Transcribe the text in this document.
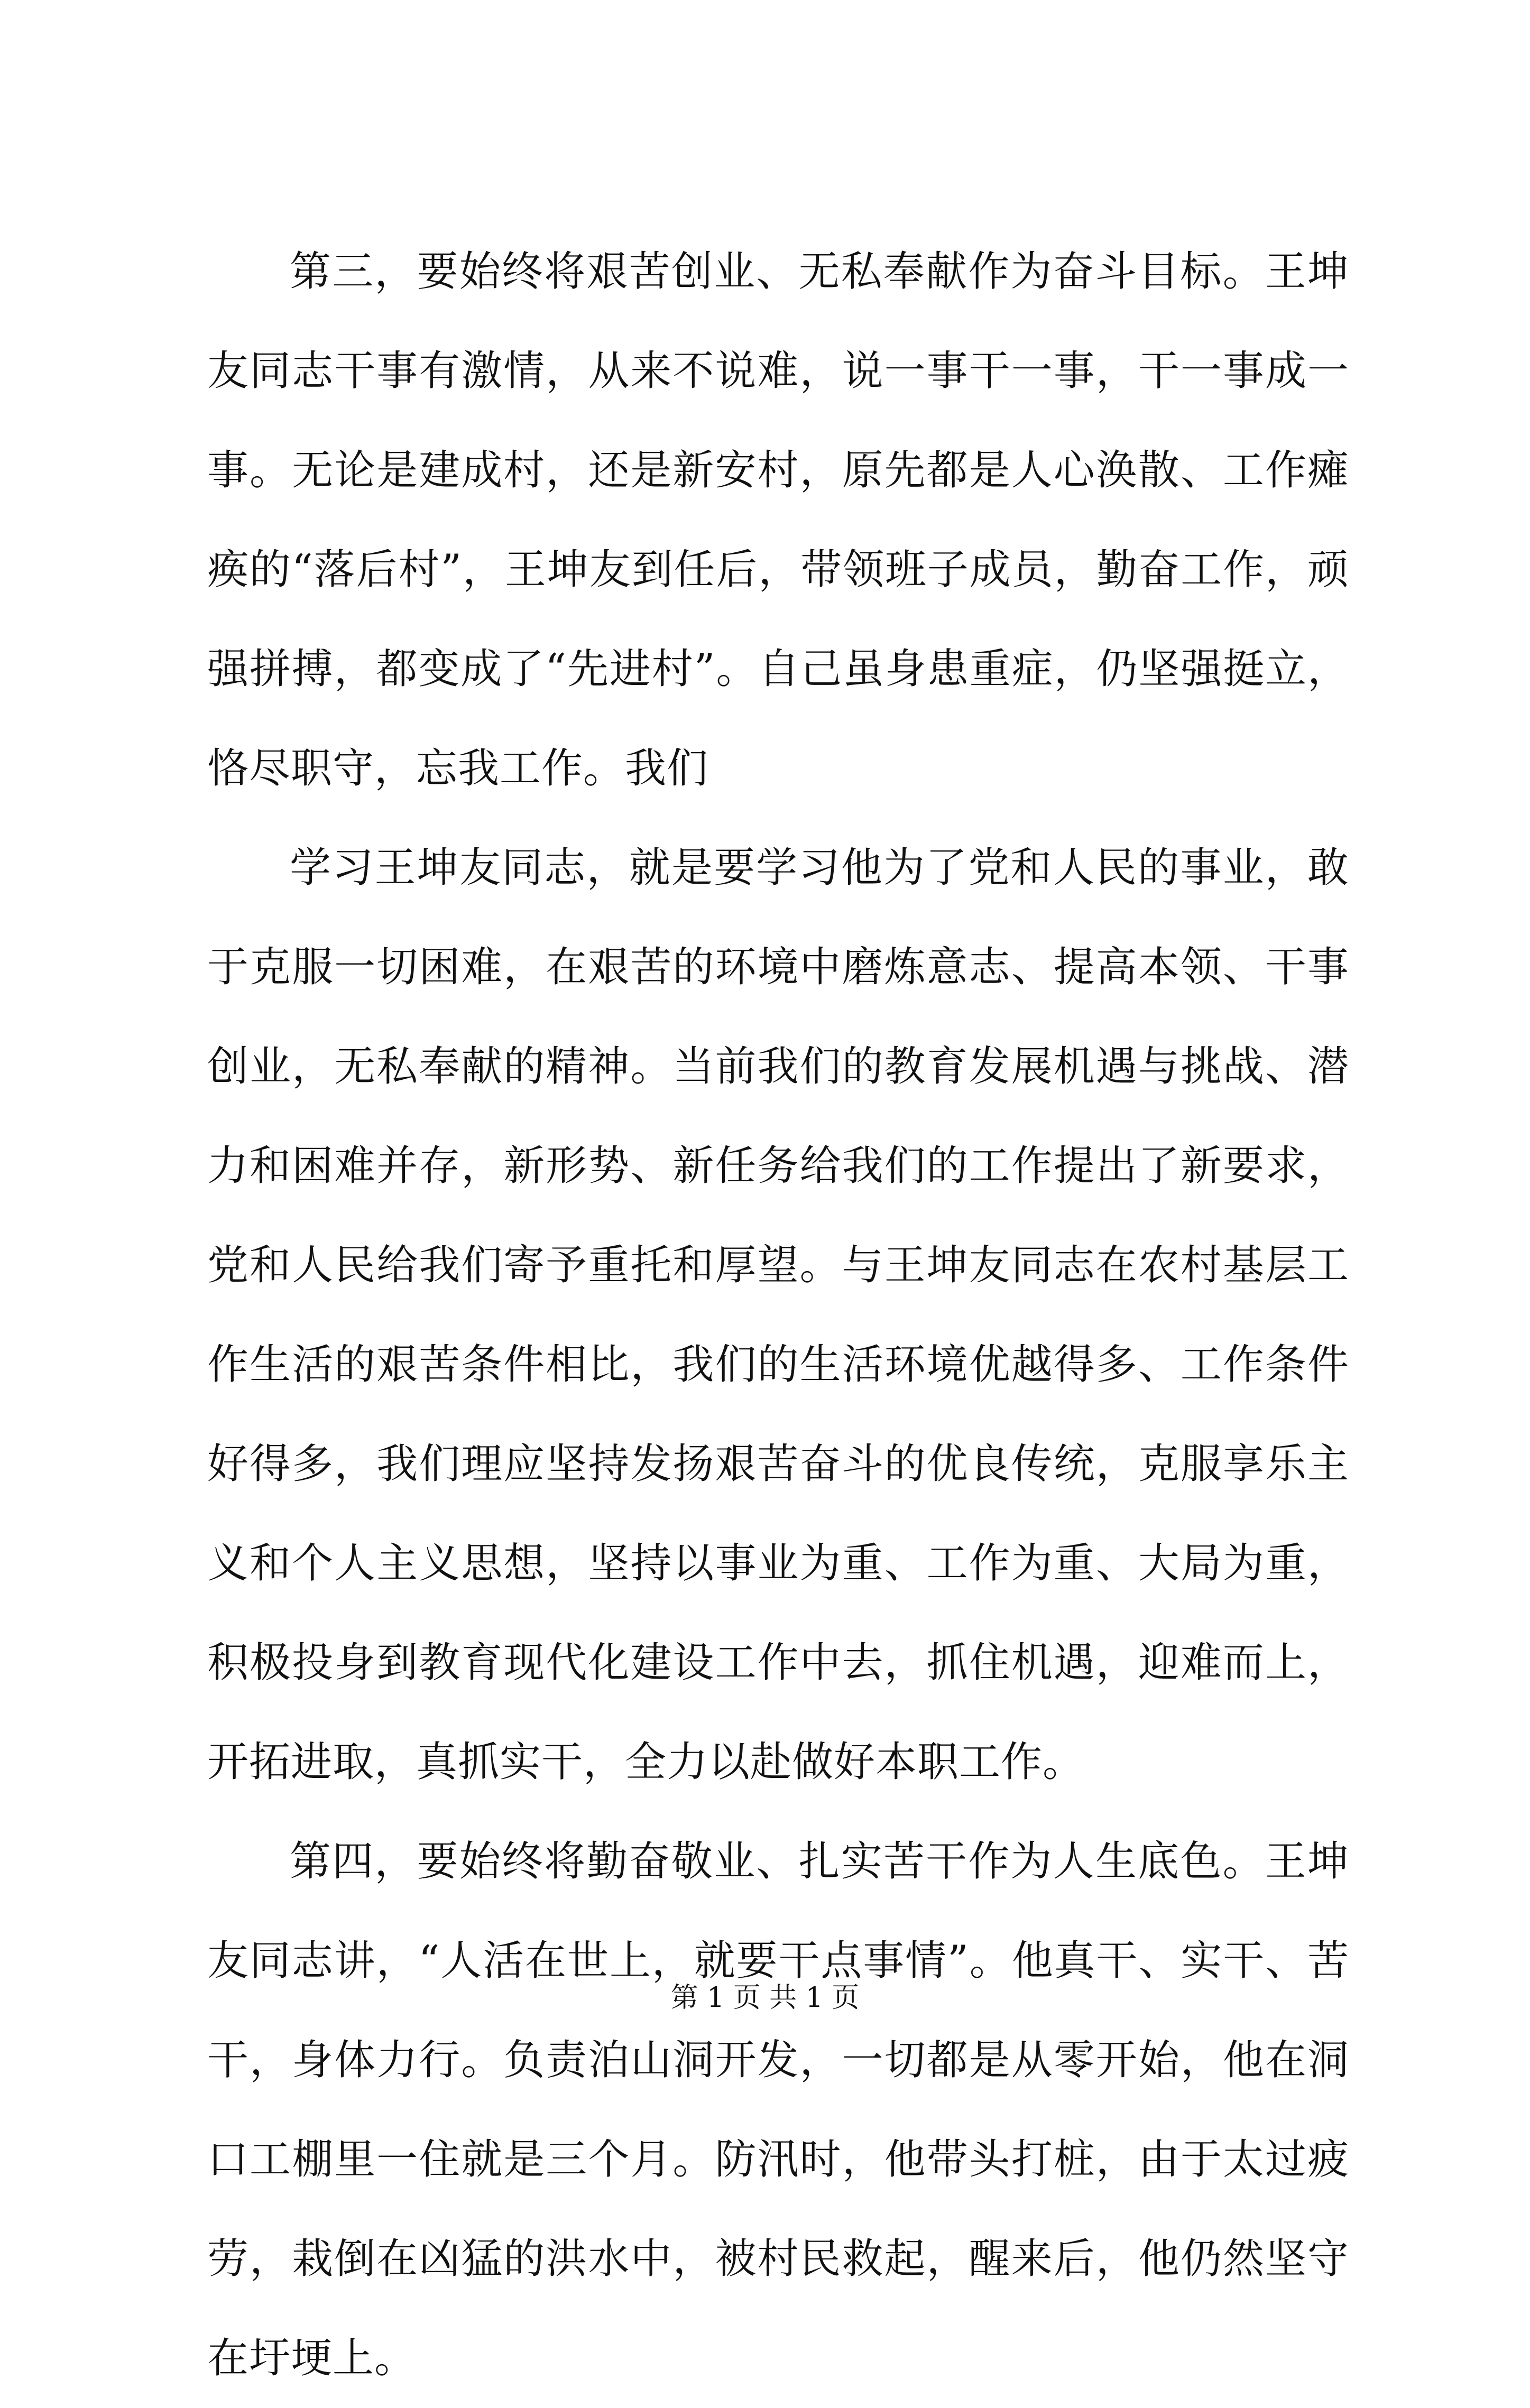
第三，要始终将艰苦创业、无私奉献作为奋斗目标。王坤友同志干事有激情，从来不说难，说一事干一事，干一事成一事。无论是建成村，还是新安村，原先都是人心涣散、工作瘫痪的“落后村”，王坤友到任后，带领班子成员，勤奋工作，顽强拼搏，都变成了“先进村”。自己虽身患重症，仍坚强挺立，恪尽职守，忘我工作。我们

学习王坤友同志，就是要学习他为了党和人民的事业，敢于克服一切困难，在艰苦的环境中磨炼意志、提高本领、干事创业，无私奉献的精神。当前我们的教育发展机遇与挑战、潜力和困难并存，新形势、新任务给我们的工作提出了新要求，党和人民给我们寄予重托和厚望。与王坤友同志在农村基层工作生活的艰苦条件相比，我们的生活环境优越得多、工作条件好得多，我们理应坚持发扬艰苦奋斗的优良传统，克服享乐主义和个人主义思想，坚持以事业为重、工作为重、大局为重，积极投身到教育现代化建设工作中去，抓住机遇，迎难而上，开拓进取，真抓实干，全力以赴做好本职工作。

第四，要始终将勤奋敬业、扎实苦干作为人生底色。王坤友同志讲，“人活在世上，就要干点事情”。他真干、实干、苦干，身体力行。负责泊山洞开发，一切都是从零开始，他在洞口工棚里一住就是三个月。防汛时，他带头打桩，由于太过疲劳，栽倒在凶猛的洪水中，被村民救起，醒来后，他仍然坚守在圩埂上。

第 1 页 共 1 页
